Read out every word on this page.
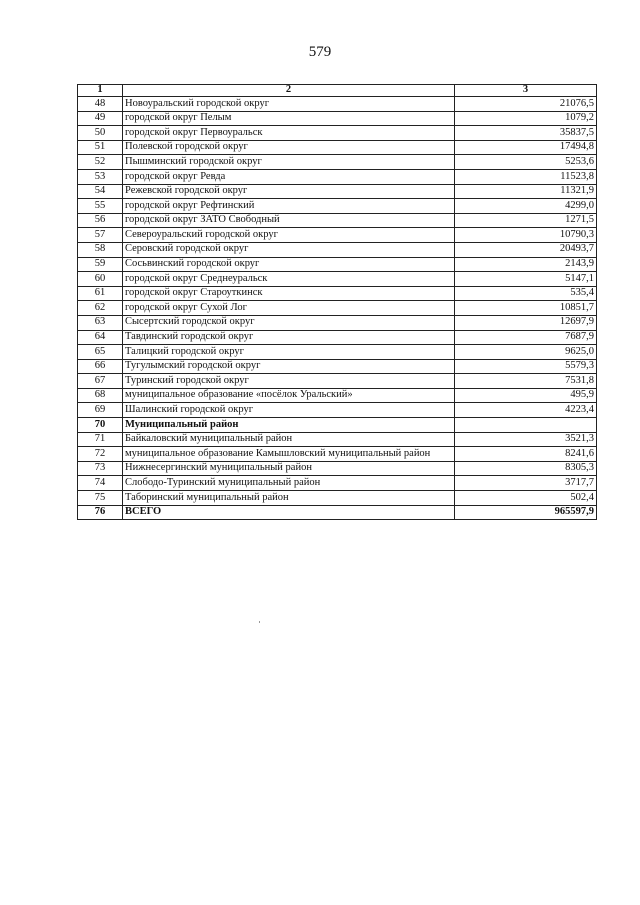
579
1	2	3
48	Новоуральский городской округ	21076,5
49	городской округ Пелым	1079,2
50	городской округ Первоуральск	35837,5
51	Полевской городской округ	17494,8
52	Пышминский городской округ	5253,6
53	городской округ Ревда	11523,8
54	Режевской городской округ	11321,9
55	городской округ Рефтинский	4299,0
56	городской округ ЗАТО Свободный	1271,5
57	Североуральский городской округ	10790,3
58	Серовский городской округ	20493,7
59	Сосьвинский городской округ	2143,9
60	городской округ Среднеуральск	5147,1
61	городской округ Староуткинск	535,4
62	городской округ Сухой Лог	10851,7
63	Сысертский городской округ	12697,9
64	Тавдинский городской округ	7687,9
65	Талицкий городской округ	9625,0
66	Тугулымский городской округ	5579,3
67	Туринский городской округ	7531,8
68	муниципальное образование «посёлок Уральский»	495,9
69	Шалинский городской округ	4223,4
70	Муниципальный район	
71	Байкаловский муниципальный район	3521,3
72	муниципальное образование Камышловский муниципальный район	8241,6
73	Нижнесергинский муниципальный район	8305,3
74	Слободо-Туринский муниципальный район	3717,7
75	Таборинский муниципальный район	502,4
76	ВСЕГО	965597,9
